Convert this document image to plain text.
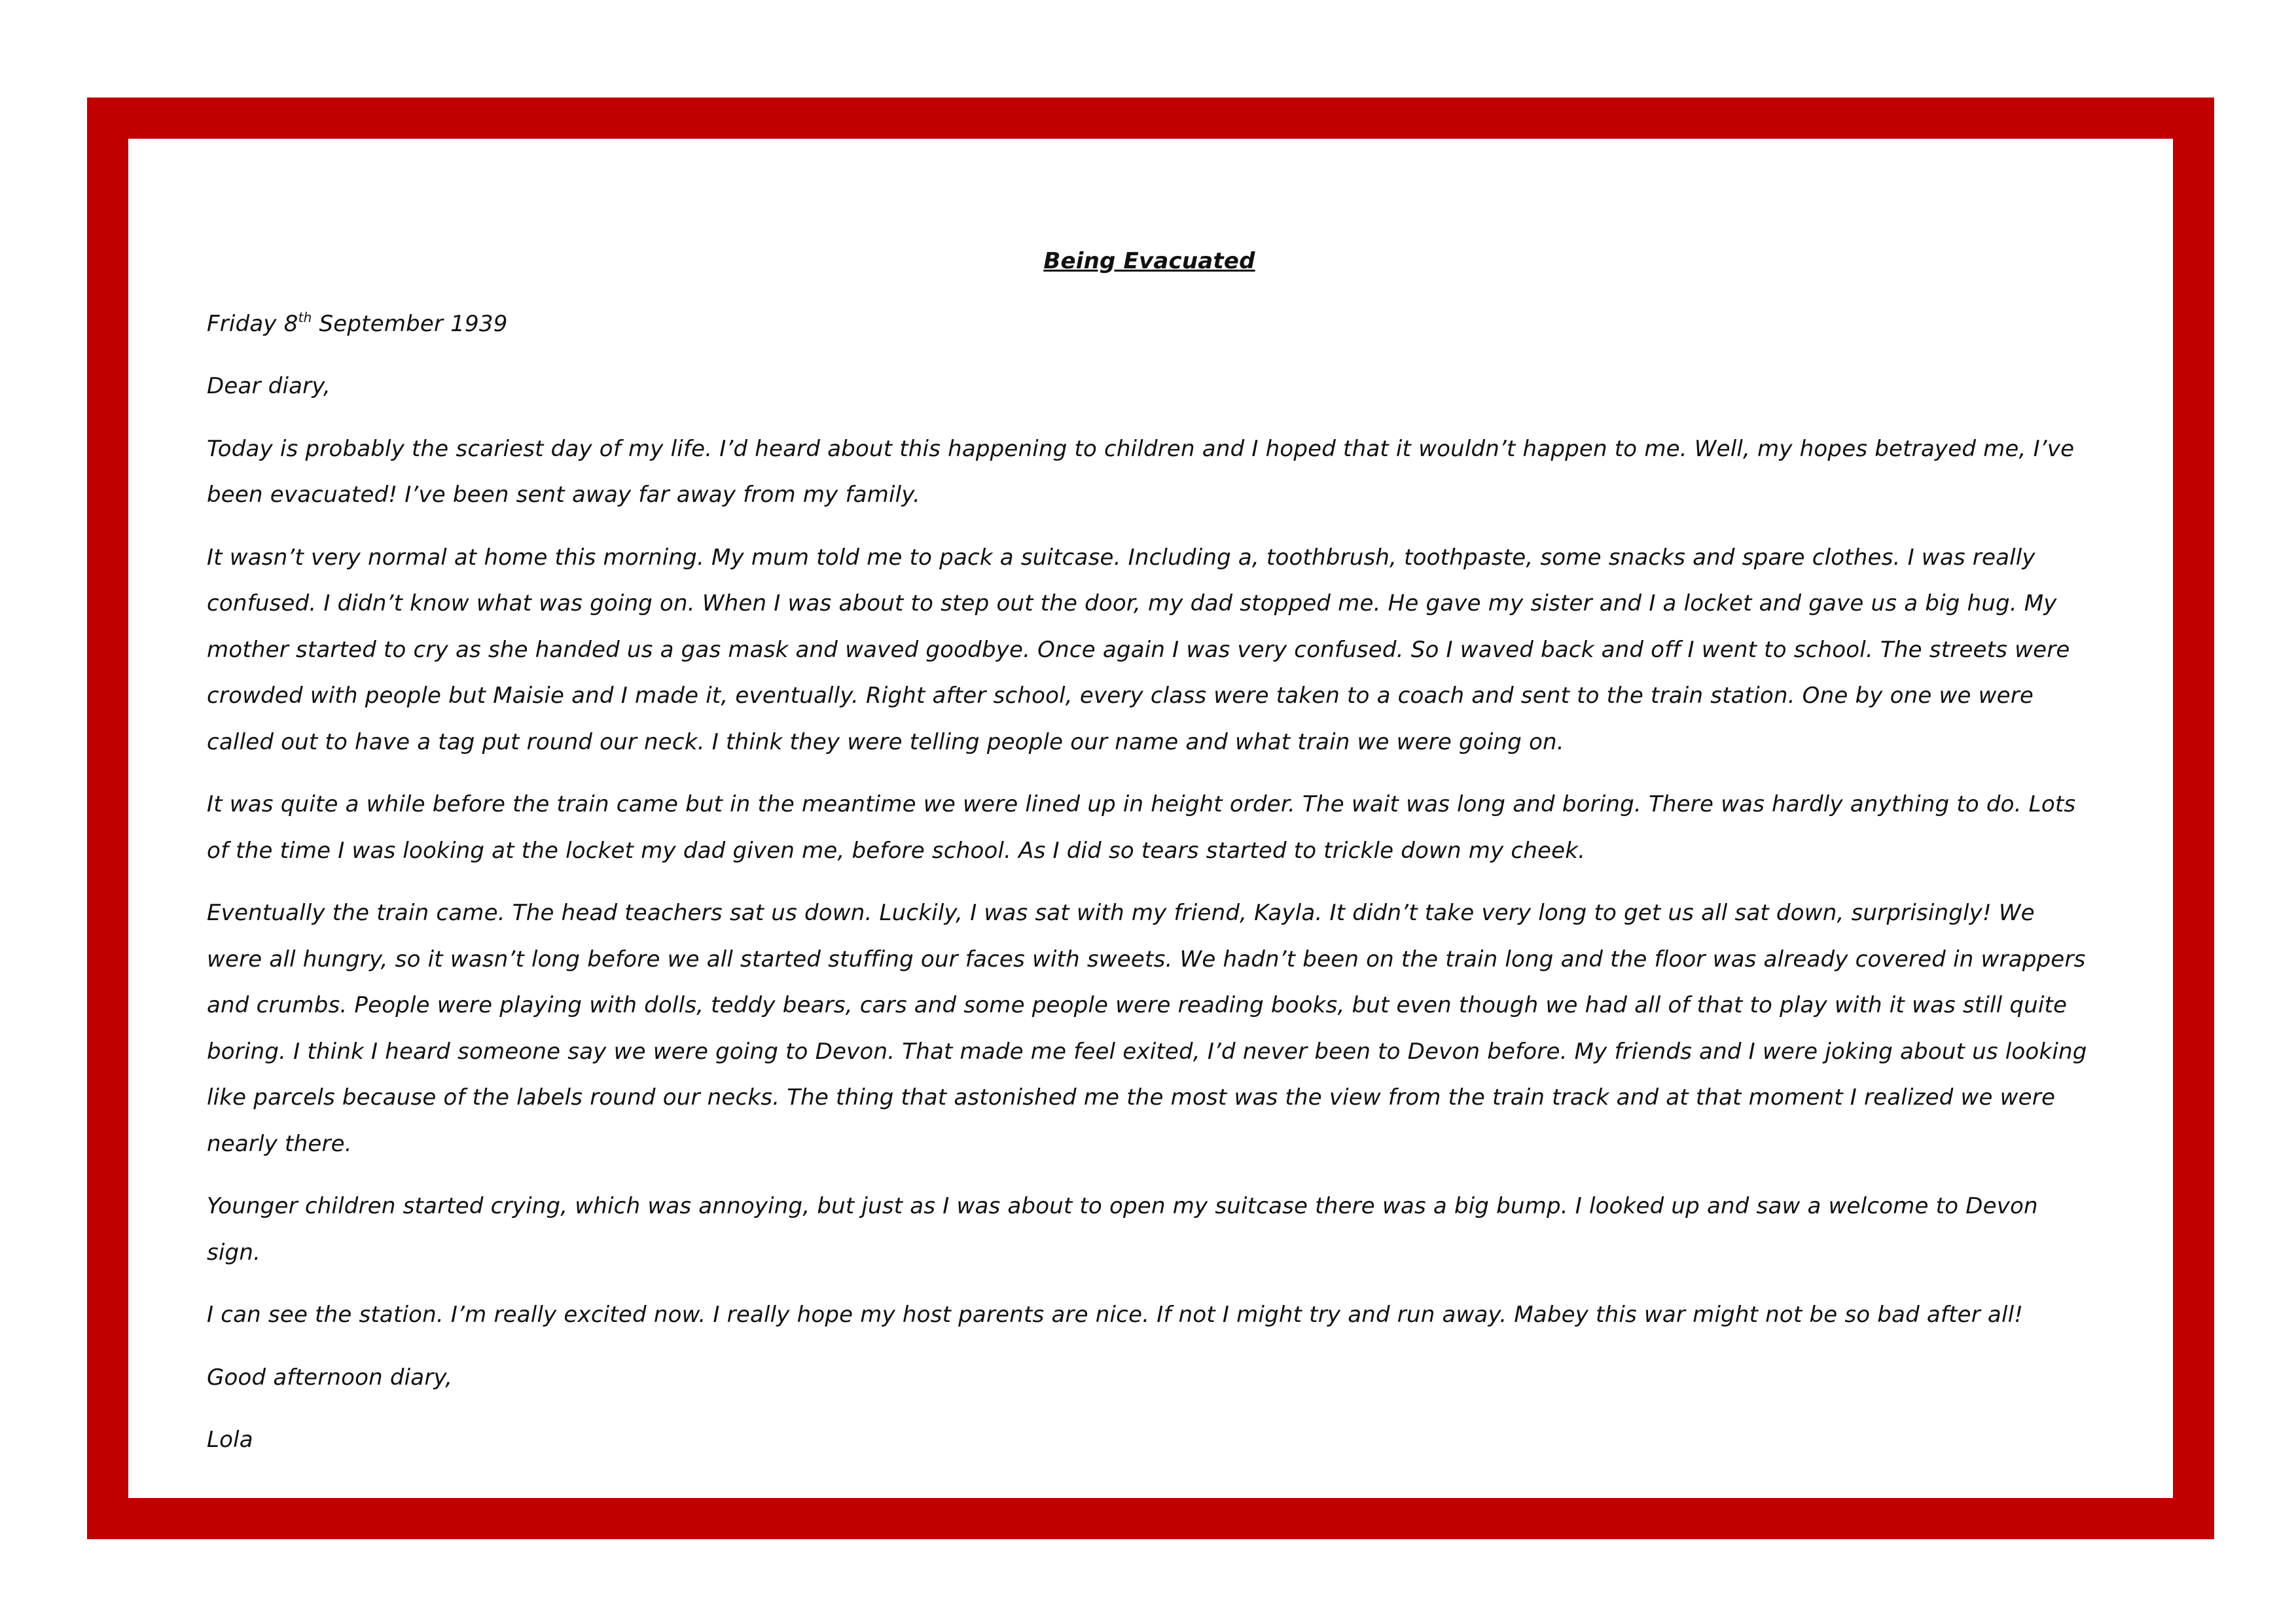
Being Evacuated

Friday 8th September 1939

Dear diary,

Today is probably the scariest day of my life. I’d heard about this happening to children and I hoped that it wouldn’t happen to me. Well, my hopes betrayed me, I’ve been evacuated! I’ve been sent away far away from my family.

It wasn’t very normal at home this morning. My mum told me to pack a suitcase. Including a, toothbrush, toothpaste, some snacks and spare clothes. I was really confused. I didn’t know what was going on. When I was about to step out the door, my dad stopped me. He gave my sister and I a locket and gave us a big hug. My mother started to cry as she handed us a gas mask and waved goodbye. Once again I was very confused. So I waved back and off I went to school. The streets were crowded with people but Maisie and I made it, eventually. Right after school, every class were taken to a coach and sent to the train station. One by one we were called out to have a tag put round our neck. I think they were telling people our name and what train we were going on.

It was quite a while before the train came but in the meantime we were lined up in height order. The wait was long and boring. There was hardly anything to do. Lots of the time I was looking at the locket my dad given me, before school. As I did so tears started to trickle down my cheek.

Eventually the train came. The head teachers sat us down. Luckily, I was sat with my friend, Kayla. It didn’t take very long to get us all sat down, surprisingly! We were all hungry, so it wasn’t long before we all started stuffing our faces with sweets. We hadn’t been on the train long and the floor was already covered in wrappers and crumbs. People were playing with dolls, teddy bears, cars and some people were reading books, but even though we had all of that to play with it was still quite boring. I think I heard someone say we were going to Devon. That made me feel exited, I’d never been to Devon before. My friends and I were joking about us looking like parcels because of the labels round our necks. The thing that astonished me the most was the view from the train track and at that moment I realized we were nearly there.

Younger children started crying, which was annoying, but just as I was about to open my suitcase there was a big bump. I looked up and saw a welcome to Devon sign.

I can see the station. I’m really excited now. I really hope my host parents are nice. If not I might try and run away. Mabey this war might not be so bad after all!

Good afternoon diary,

Lola
